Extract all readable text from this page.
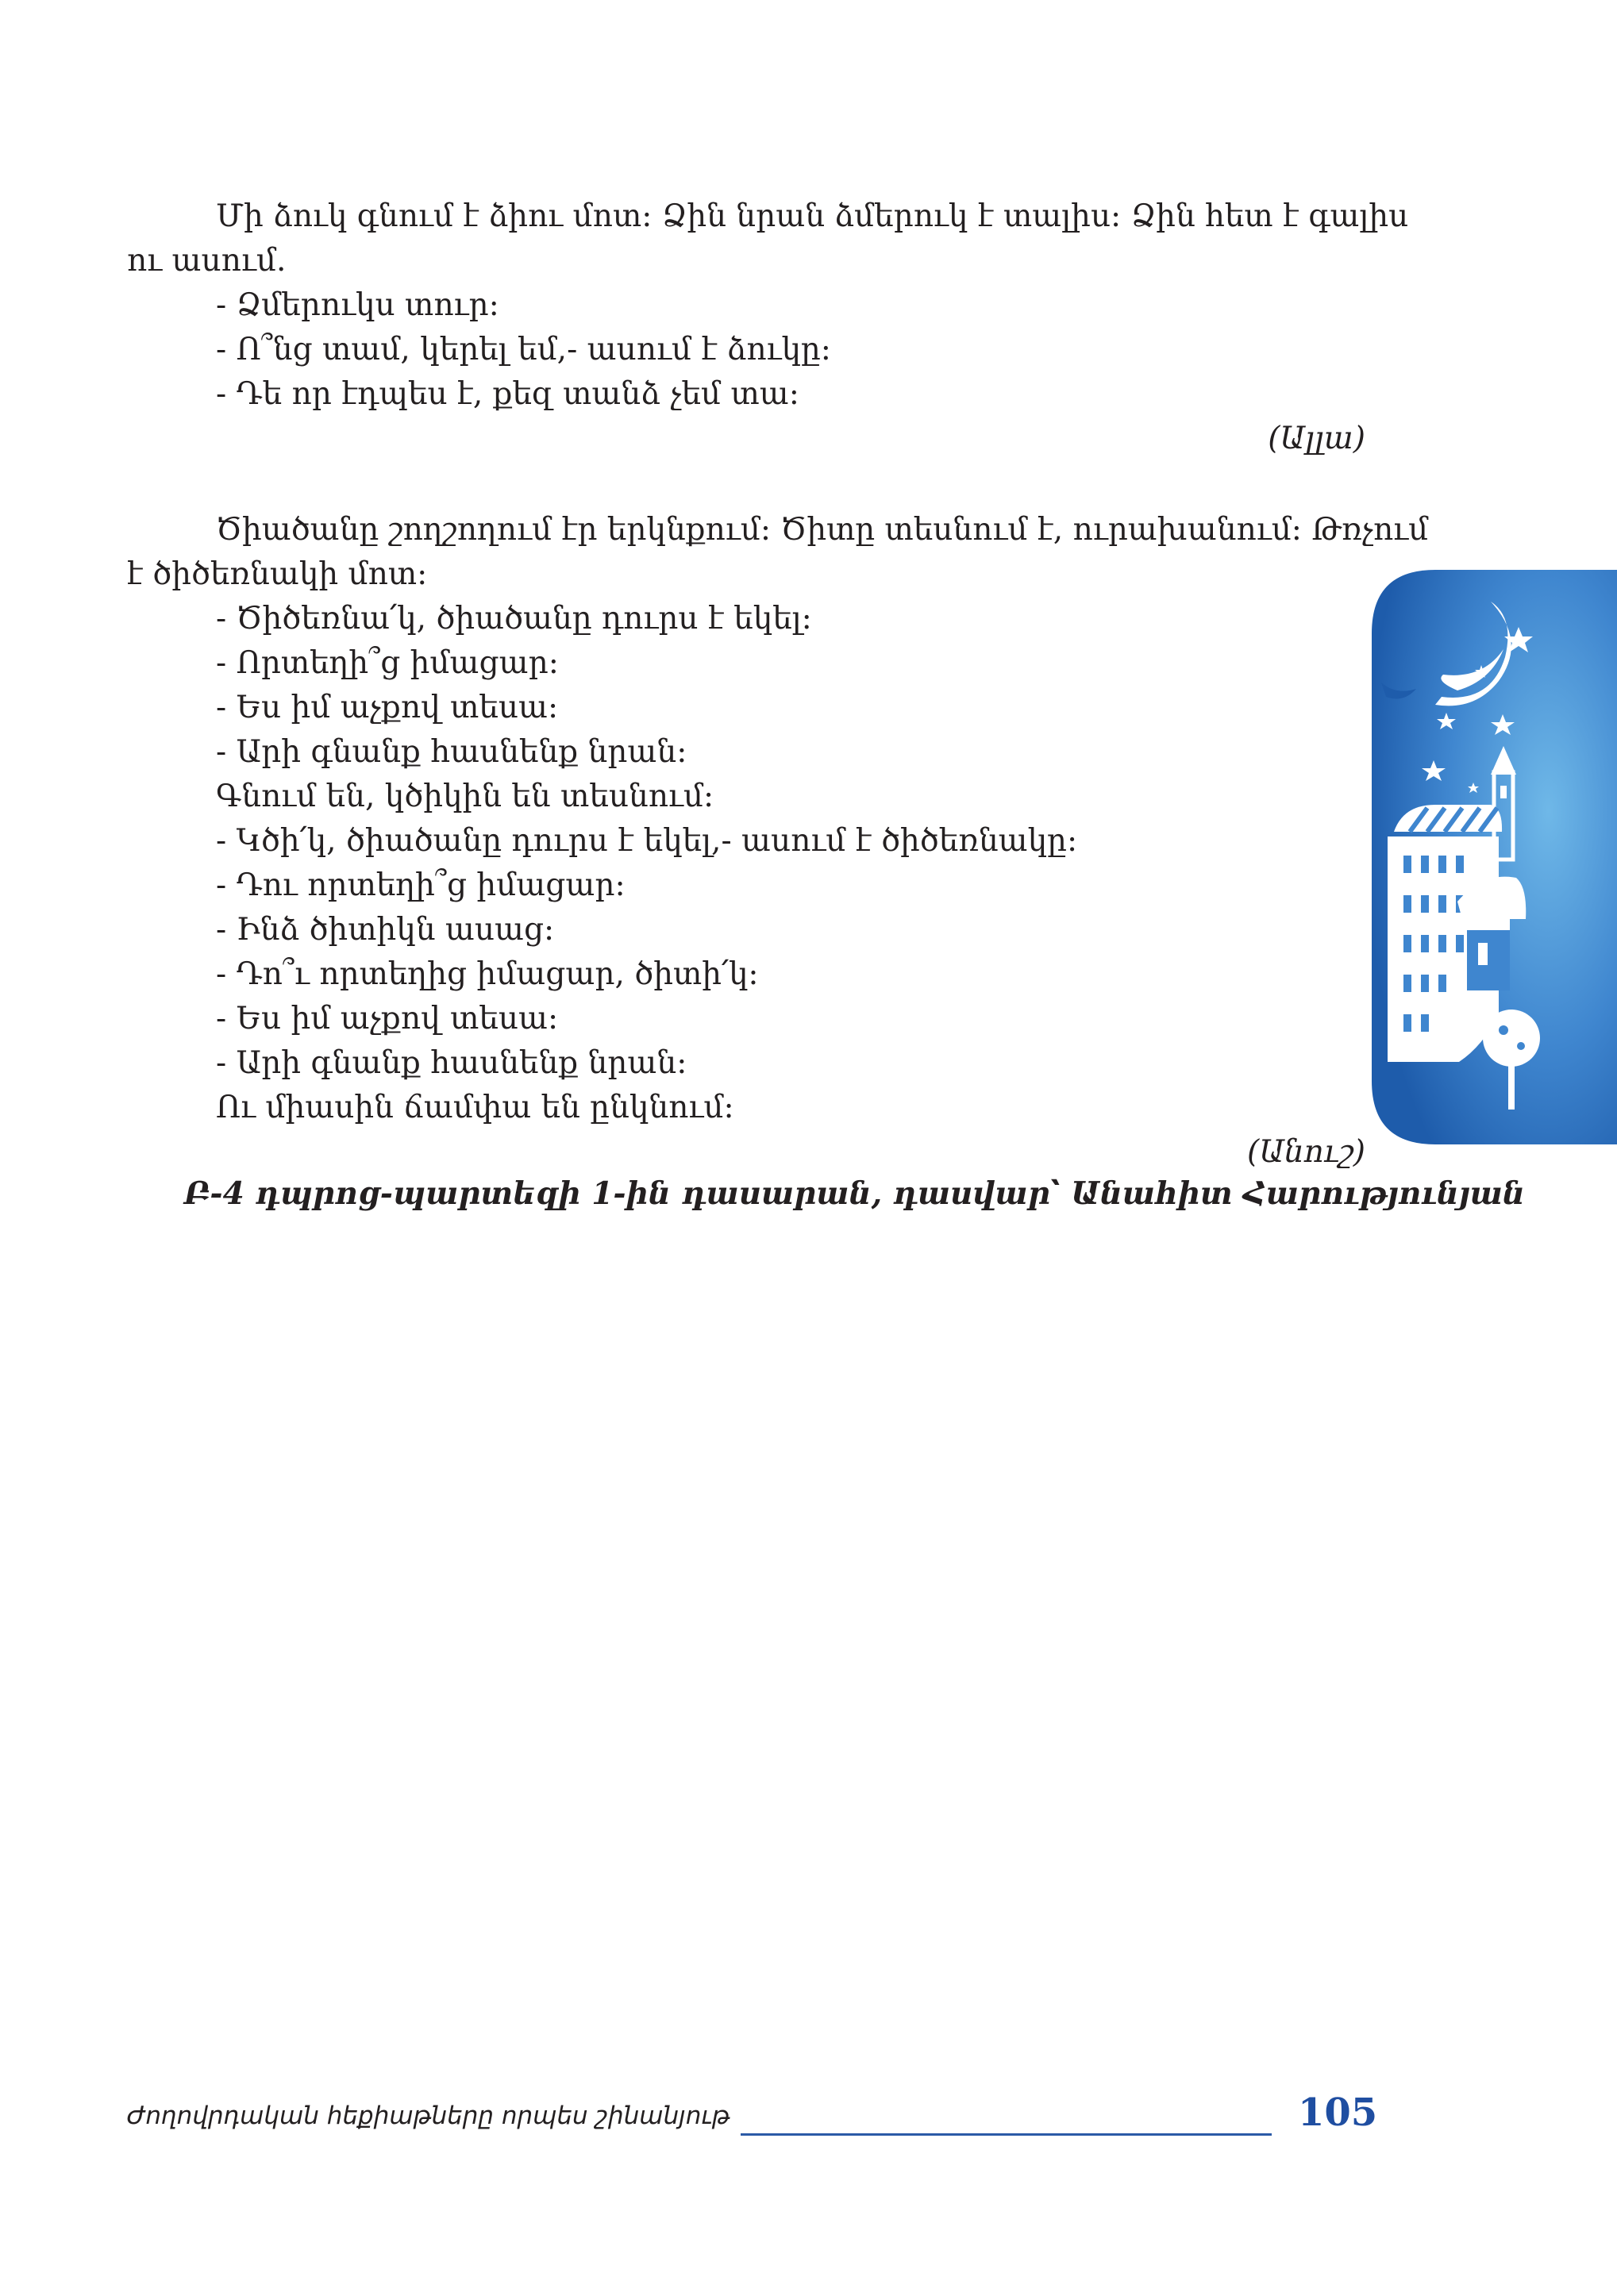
Մի ձուկ գնում է ձիու մոտ: Ձին նրան ձմերուկ է տալիս: Ձին հետ է գալիս
ու ասում.
- Ձմերուկս տուր:
- Ո՞նց տամ, կերել եմ,- ասում է ձուկը:
- Դե որ էդպես է, քեզ տանձ չեմ տա:
(Ալլա)
Ծիածանը շողշողում էր երկնքում: Ծիտը տեսնում է, ուրախանում: Թռչում
է ծիծեռնակի մոտ:
- Ծիծեռնա՛կ, ծիածանը դուրս է եկել:
- Որտեղի՞ց իմացար:
- Ես իմ աչքով տեսա:
- Արի գնանք հասնենք նրան:
Գնում են, կծիկին են տեսնում:
- Կծի՛կ, ծիածանը դուրս է եկել,- ասում է ծիծեռնակը:
- Դու որտեղի՞ց իմացար:
- Ինձ ծիտիկն ասաց:
- Դո՞ւ որտեղից իմացար, ծիտի՛կ:
- Ես իմ աչքով տեսա:
- Արի գնանք հասնենք նրան:
Ու միասին ճամփա են ընկնում:
(Անուշ)
Բ-4 դպրոց-պարտեզի 1-ին դասարան, դասվար՝ Անահիտ Հարությունյան
Ժողովրդական հեքիաթները որպես շինանյութ	105
